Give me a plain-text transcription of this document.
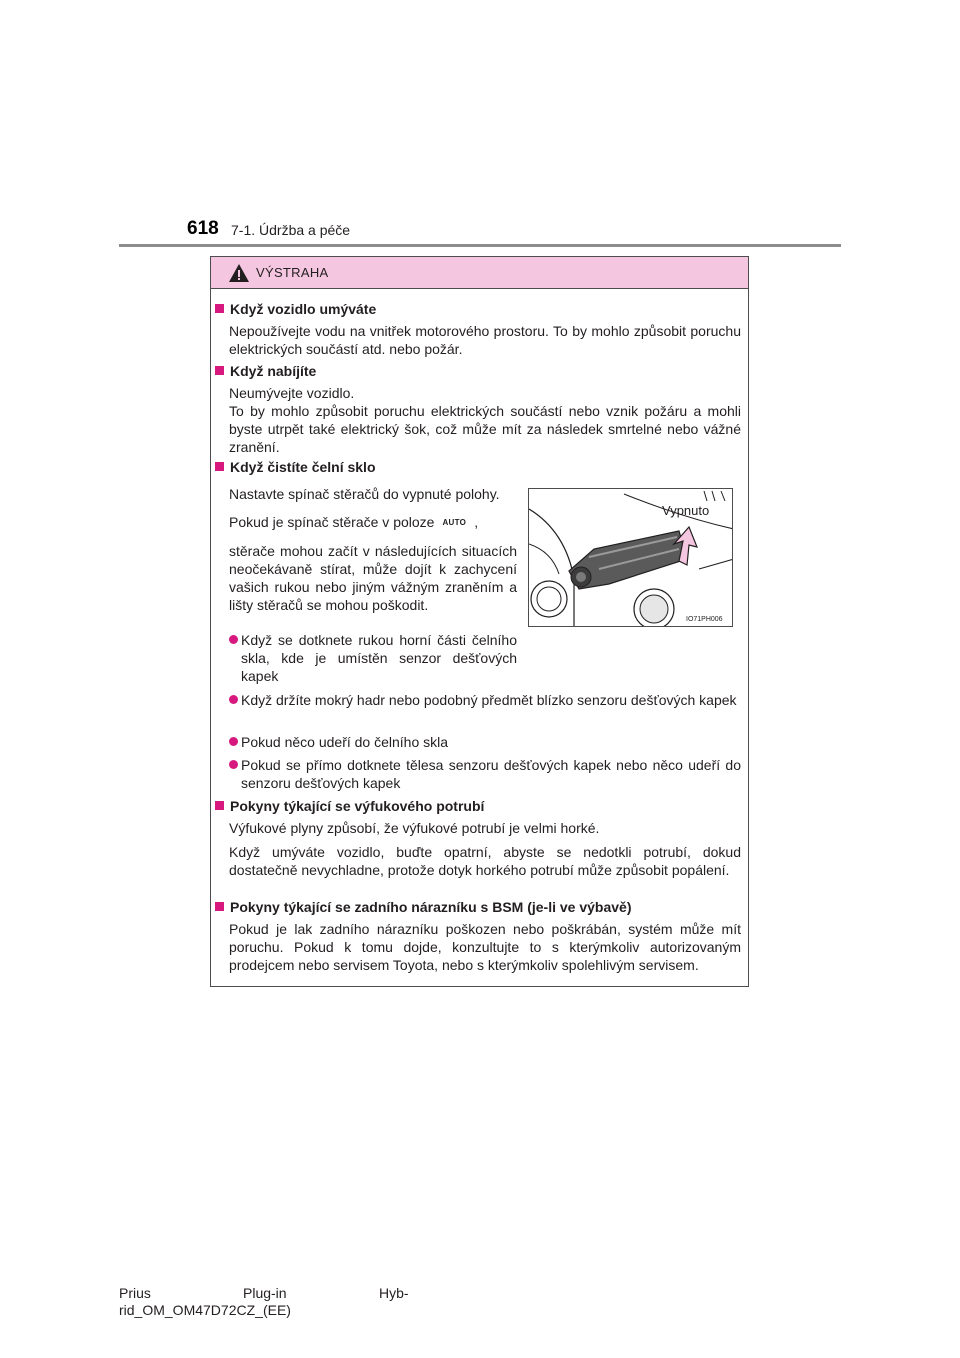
618 7-1. Údržba a péče
VÝSTRAHA
Když vozidlo umýváte
Nepoužívejte vodu na vnitřek motorového prostoru. To by mohlo způsobit poruchu elektrických součástí atd. nebo požár.
Když nabíjíte
Neumývejte vozidlo.
To by mohlo způsobit poruchu elektrických součástí nebo vznik požáru a mohli byste utrpět také elektrický šok, což může mít za následek smrtelné nebo vážné zranění.
Když čistíte čelní sklo
Nastavte spínač stěračů do vypnuté polohy.
Pokud je spínač stěrače v poloze AUTO ,
stěrače mohou začít v následujících situacích neočekávaně stírat, může dojít k zachycení vašich rukou nebo jiným vážným zraněním a lišty stěračů se mohou poškodit.
Když se dotknete rukou horní části čelního skla, kde je umístěn senzor dešťových kapek
Když držíte mokrý hadr nebo podobný předmět blízko senzoru dešťových kapek
Pokud něco udeří do čelního skla
Pokud se přímo dotknete tělesa senzoru dešťových kapek nebo něco udeří do senzoru dešťových kapek
Vypnuto
IO71PH006
Pokyny týkající se výfukového potrubí
Výfukové plyny způsobí, že výfukové potrubí je velmi horké.
Když umýváte vozidlo, buďte opatrní, abyste se nedotkli potrubí, dokud dostatečně nevychladne, protože dotyk horkého potrubí může způsobit popálení.
Pokyny týkající se zadního nárazníku s BSM (je-li ve výbavě)
Pokud je lak zadního nárazníku poškozen nebo poškrábán, systém může mít poruchu. Pokud k tomu dojde, konzultujte to s kterýmkoliv autorizovaným prodejcem nebo servisem Toyota, nebo s kterýmkoliv spolehlivým servisem.
Prius	Plug-in	Hyb-
rid_OM_OM47D72CZ_(EE)
